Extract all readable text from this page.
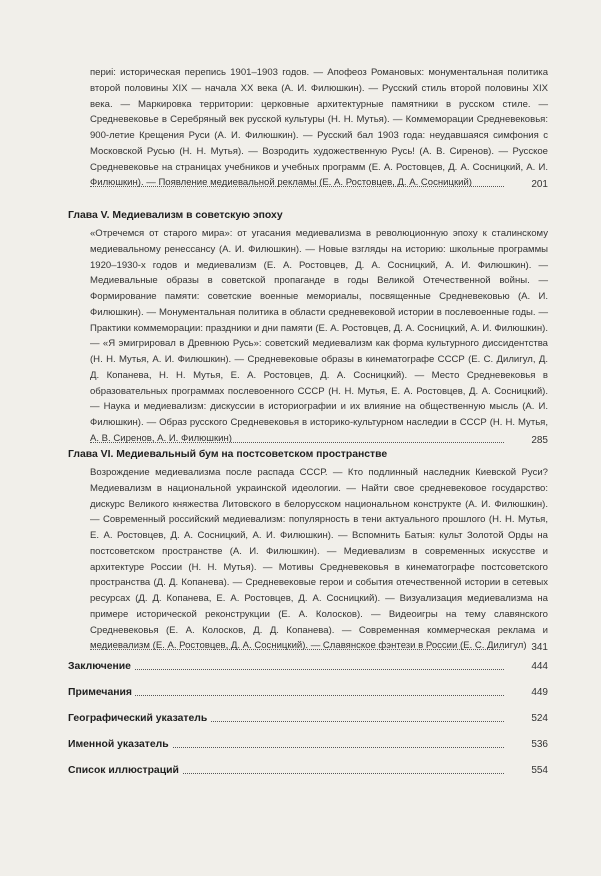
периі: историческая перепись 1901–1903 годов. — Апофеоз Романовых: монументальная политика второй половины XIX — начала XX века (А. И. Филюшкин). — Русский стиль второй половины XIX века. — Маркировка территории: церковные архитектурные памятники в русском стиле. — Средневековье в Серебряный век русской культуры (Н. Н. Мутья). — Коммеморации Средневековья: 900-летие Крещения Руси (А. И. Филюшкин). — Русский бал 1903 года: неудавшаяся симфония с Московской Русью (Н. Н. Мутья). — Возродить художественную Русь! (А. В. Сиренов). — Русское Средневековье на страницах учебников и учебных программ (Е. А. Ростовцев, Д. А. Сосницкий, А. И. Филюшкин). — Появление медиевальной рекламы (Е. А. Ростовцев, Д. А. Сосницкий)	201
Глава V. Медиевализм в советскую эпоху
«Отречемся от старого мира»: от угасания медиевализма в революционную эпоху к сталинскому медиевальному ренессансу (А. И. Филюшкин). — Новые взгляды на историю: школьные программы 1920–1930-х годов и медиевализм (Е. А. Ростовцев, Д. А. Сосницкий, А. И. Филюшкин). — Медиевальные образы в советской пропаганде в годы Великой Отечественной войны. — Формирование памяти: советские военные мемориалы, посвященные Средневековью (А. И. Филюшкин). — Монументальная политика в области средневековой истории в послевоенные годы. — Практики коммеморации: праздники и дни памяти (Е. А. Ростовцев, Д. А. Сосницкий, А. И. Филюшкин). — «Я эмигрировал в Древнюю Русь»: советский медиевализм как форма культурного диссидентства (Н. Н. Мутья, А. И. Филюшкин). — Средневековые образы в кинематографе СССР (Е. С. Дилигул, Д. Д. Копанева, Н. Н. Мутья, Е. А. Ростовцев, Д. А. Сосницкий). — Место Средневековья в образовательных программах послевоенного СССР (Н. Н. Мутья, Е. А. Ростовцев, Д. А. Сосницкий). — Наука и медиевализм: дискуссии в историографии и их влияние на общественную мысль (А. И. Филюшкин). — Образ русского Средневековья в историко-культурном наследии в СССР (Н. Н. Мутья, А. В. Сиренов, А. И. Филюшкин)	285
Глава VI. Медиевальный бум на постсоветском пространстве
Возрождение медиевализма после распада СССР. — Кто подлинный наследник Киевской Руси? Медиевализм в национальной украинской идеологии. — Найти свое средневековое государство: дискурс Великого княжества Литовского в белорусском национальном конструкте (А. И. Филюшкин). — Современный российский медиевализм: популярность в тени актуального прошлого (Н. Н. Мутья, Е. А. Ростовцев, Д. А. Сосницкий, А. И. Филюшкин). — Вспомнить Батыя: культ Золотой Орды на постсоветском пространстве (А. И. Филюшкин). — Медиевализм в современных искусстве и архитектуре России (Н. Н. Мутья). — Мотивы Средневековья в кинематографе постсоветского пространства (Д. Д. Копанева). — Средневековые герои и события отечественной истории в сетевых ресурсах (Д. Д. Копанева, Е. А. Ростовцев, Д. А. Сосницкий). — Визуализация медиевализма на примере исторической реконструкции (Е. А. Колосков). — Видеоигры на тему славянского Средневековья (Е. А. Колосков, Д. Д. Копанева). — Современная коммерческая реклама и медиевализм (Е. А. Ростовцев, Д. А. Сосницкий). — Славянское фэнтези в России (Е. С. Дилигул) 341
Заключение	444
Примечания	449
Географический указатель	524
Именной указатель	536
Список иллюстраций	554
